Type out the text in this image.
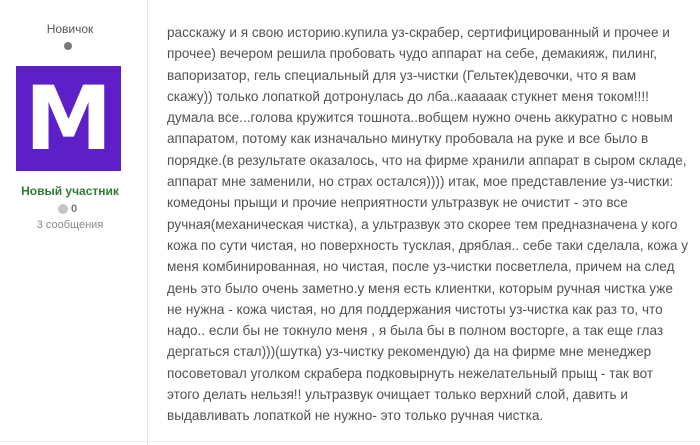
Новичок
M
Новый участник
0
3 сообщения

расскажу и я свою историю.купила уз-скрабер, сертифицированный и прочее и

прочее) вечером решила пробовать чудо аппарат на себе, демакияж, пилинг,

вапоризатор, гель специальный для уз-чистки (Гельтек)девочки, что я вам

скажу)) только лопаткой дотронулась до лба..кааааак стукнет меня током!!!!

думала все...голова кружится тошнота..вобщем нужно очень аккуратно с новым

аппаратом, потому как изначально минутку пробовала на руке и все было в

порядке.(в результате оказалось, что на фирме хранили аппарат в сыром складе,

аппарат мне заменили, но страх остался)))) итак, мое представление уз-чистки:

комедоны прыщи и прочие неприятности ультразвук не очистит - это все

ручная(механическая чистка), а ультразвук это скорее тем предназначена у кого

кожа по сути чистая, но поверхность тусклая, дряблая.. себе таки сделала, кожа у

меня комбинированная, но чистая, после уз-чистки посветлела, причем на след

день это было очень заметно.у меня есть клиентки, которым ручная чистка уже

не нужна - кожа чистая, но для поддержания чистоты уз-чистка как раз то, что

надо.. если бы не токнуло меня , я была бы в полном восторге, а так еще глаз

дергаться стал)))(шутка) уз-чистку рекомендую) да на фирме мне менеджер

посоветовал уголком скрабера подковырнуть нежелательный прыщ - так вот

этого делать нельзя!! ультразвук очищает только верхний слой, давить и

выдавливать лопаткой не нужно- это только ручная чистка.
